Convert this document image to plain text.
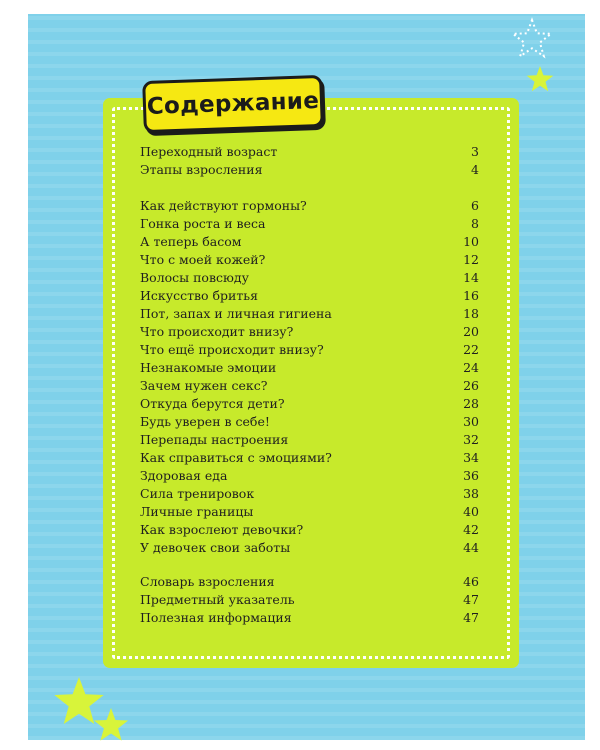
Содержание
Переходный возраст	3
Этапы взросления	4
Как действуют гормоны?	6
Гонка роста и веса	8
А теперь басом	10
Что с моей кожей?	12
Волосы повсюду	14
Искусство бритья	16
Пот, запах и личная гигиена	18
Что происходит внизу?	20
Что ещё происходит внизу?	22
Незнакомые эмоции	24
Зачем нужен секс?	26
Откуда берутся дети?	28
Будь уверен в себе!	30
Перепады настроения	32
Как справиться с эмоциями?	34
Здоровая еда	36
Сила тренировок	38
Личные границы	40
Как взрослеют девочки?	42
У девочек свои заботы	44
Словарь взросления	46
Предметный указатель	47
Полезная информация	47
